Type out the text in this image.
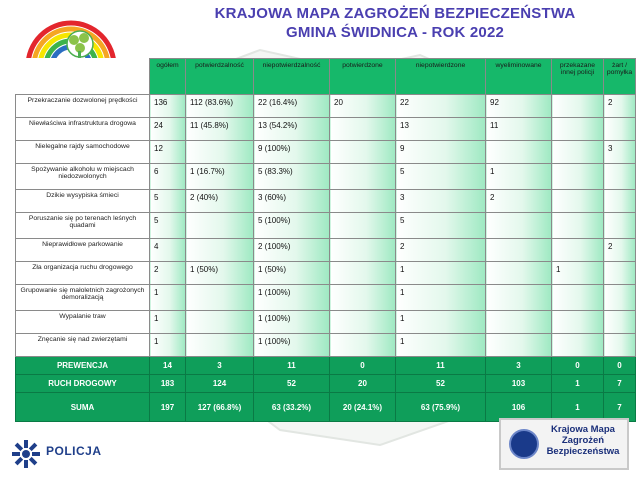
KRAJOWA MAPA ZAGROŻEŃ BEZPIECZEŃSTWA
GMINA ŚWIDNICA - ROK 2022
	ogółem	potwierdzalność	niepotwierdzalność	potwierdzone	niepotwierdzone	wyeliminowane	przekazane innej policji	żart / pomyłka
Przekraczanie dozwolonej prędkości	136	112 (83.6%)	22 (16.4%)	20	22	92		2
Niewłaściwa infrastruktura drogowa	24	11 (45.8%)	13 (54.2%)		13	11		
Nielegalne rajdy samochodowe	12		9 (100%)		9			3
Spożywanie alkoholu w miejscach niedozwolonych	6	1 (16.7%)	5 (83.3%)		5	1		
Dzikie wysypiska śmieci	5	2 (40%)	3 (60%)		3	2		
Poruszanie się po terenach leśnych quadami	5		5 (100%)		5			
Nieprawidłowe parkowanie	4		2 (100%)		2			2
Zła organizacja ruchu drogowego	2	1 (50%)	1 (50%)		1		1	
Grupowanie się małoletnich zagrożonych demoralizacją	1		1 (100%)		1			
Wypalanie traw	1		1 (100%)		1			
Znęcanie się nad zwierzętami	1		1 (100%)		1			
PREWENCJA	14	3	11	0	11	3	0	0
RUCH DROGOWY	183	124	52	20	52	103	1	7
SUMA	197	127 (66.8%)	63 (33.2%)	20 (24.1%)	63 (75.9%)	106	1	7
POLICJA
Krajowa Mapa
Zagrożeń
Bezpieczeństwa
